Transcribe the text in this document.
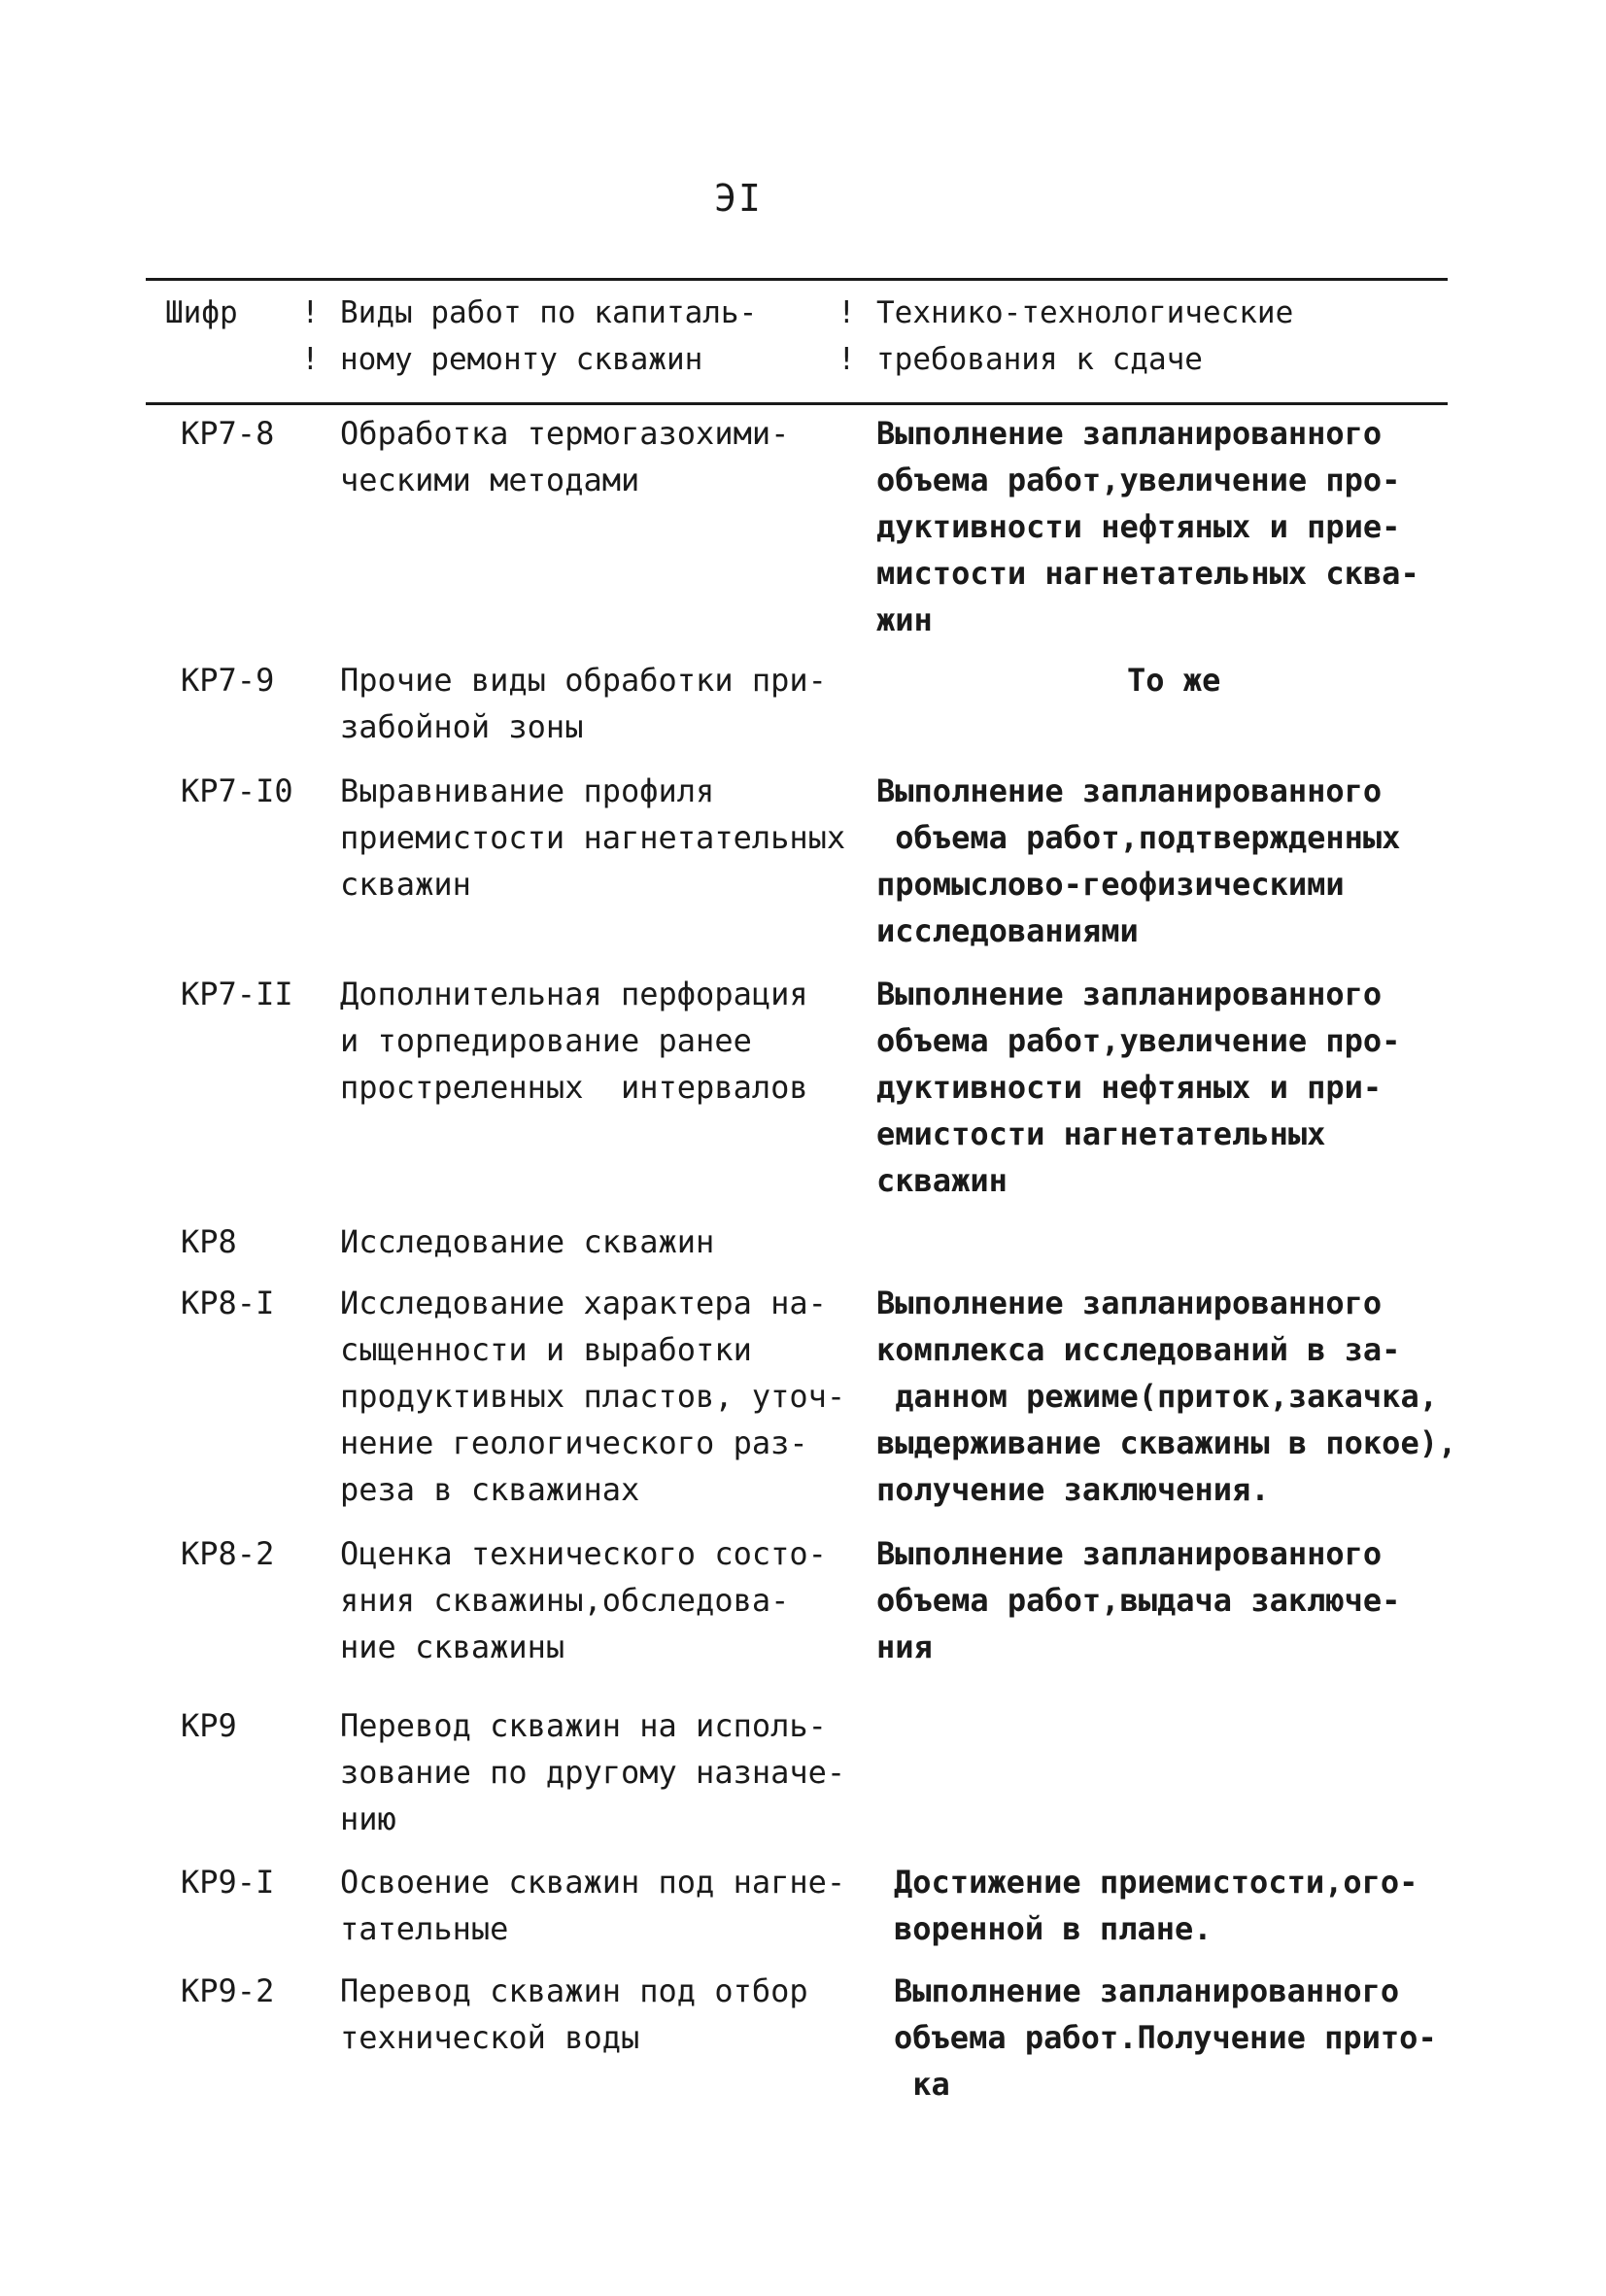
ЭI
Шифр !
!
Виды работ по капиталь-
ному ремонту скважин
!
!
Технико-технологические
требования к сдаче
КР7-8 Обработка термогазохими-
ческими методами
Выполнение запланированного
объема работ,увеличение про-
дуктивности нефтяных и прие-
мистости нагнетательных сква-
жин
КР7-9 Прочие виды обработки при-
забойной зоны
То же
КР7-I0 Выравнивание профиля
приемистости нагнетательных
скважин
Выполнение запланированного
объема работ,подтвержденных
промыслово-геофизическими
исследованиями
КР7-II Дополнительная перфорация
и торпедирование ранее
простреленных  интервалов
Выполнение запланированного
объема работ,увеличение про-
дуктивности нефтяных и при-
емистости нагнетательных
скважин
КР8	Исследование скважин
КР8-I Исследование характера на-
сыщенности и выработки
продуктивных пластов, уточ-
нение геологического раз-
реза в скважинах
Выполнение запланированного
комплекса исследований в за-
данном режиме(приток,закачка,
выдерживание скважины в покое),
получение заключения.
КР8-2 Оценка технического состо-
яния скважины,обследова-
ние скважины
Выполнение запланированного
объема работ,выдача заключе-
ния
КР9	Перевод скважин на исполь-
зование по другому назначе-
нию
КР9-I Освоение скважин под нагне-
тательные
Достижение приемистости,ого-
воренной в плане.
КР9-2 Перевод скважин под отбор
технической воды
Выполнение запланированного
объема работ.Получение прито-
ка
